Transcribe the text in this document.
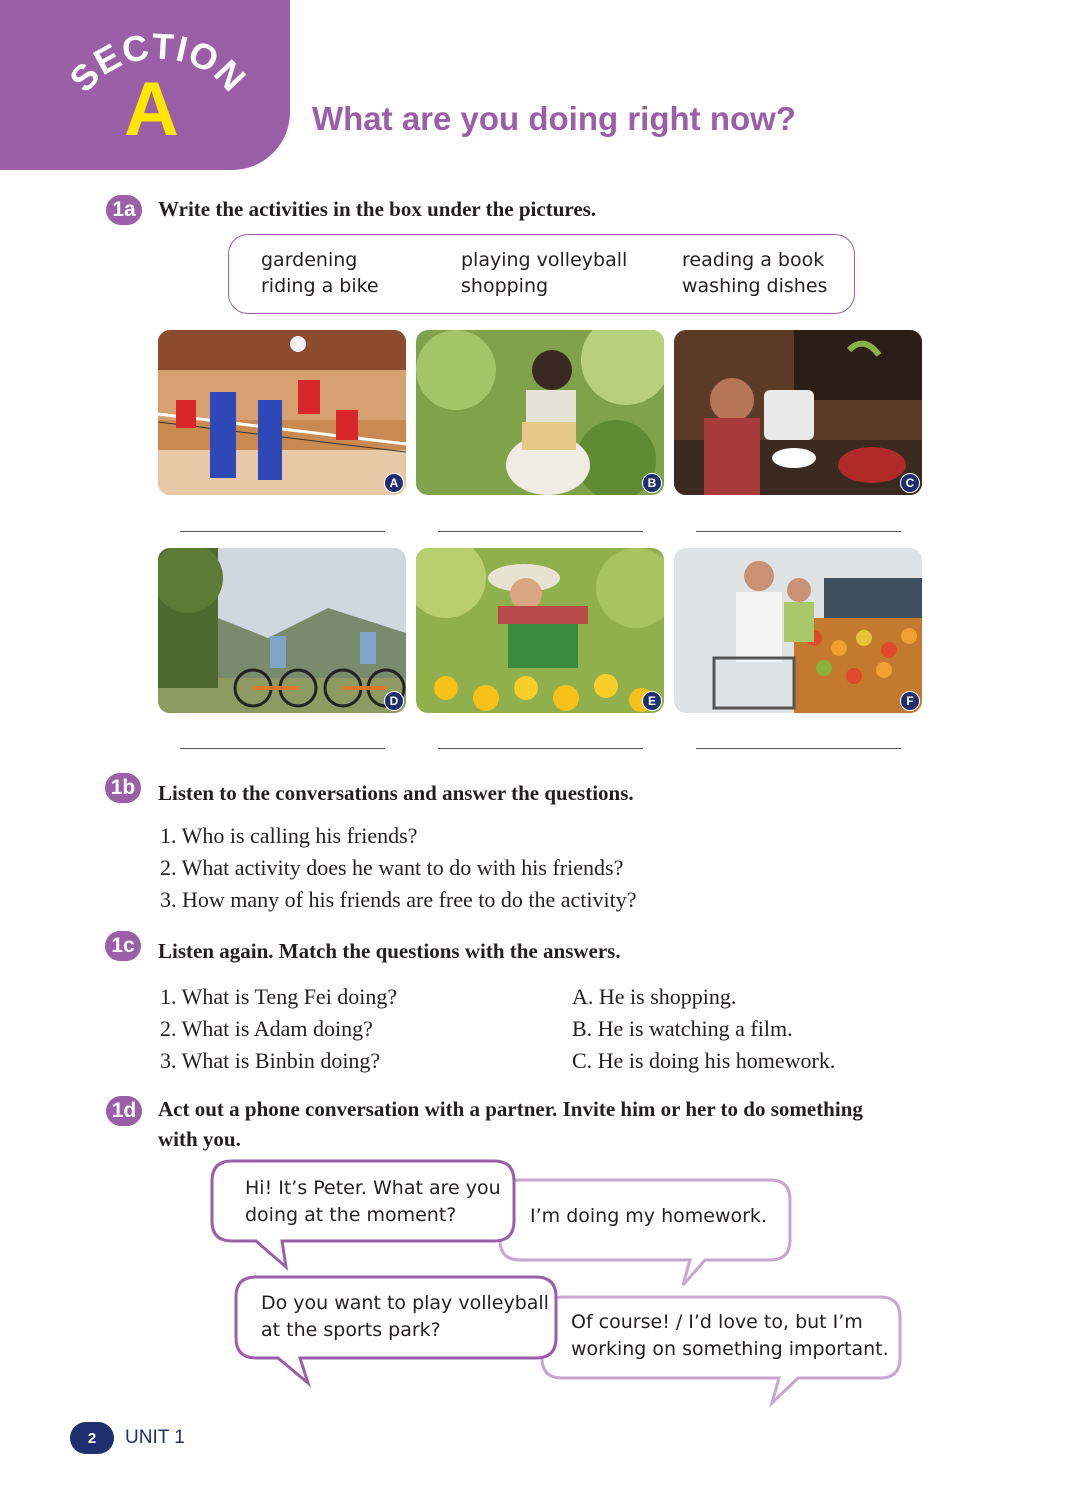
SECTION
A	What are you doing right now?
1a	Write the activities in the box under the pictures.
gardening
riding a bike
playing volleyball
shopping
reading a book
washing dishes
A	B	C
D	E	F
1b Listen to the conversations and answer the questions.
1. Who is calling his friends?
2. What activity does he want to do with his friends?
3. How many of his friends are free to do the activity?
1c	Listen again. Match the questions with the answers.
1. What is Teng Fei doing?
2. What is Adam doing?
3. What is Binbin doing?
A. He is shopping.
B. He is watching a film.
C. He is doing his homework.
1d Act out a phone conversation with a partner. Invite him or her to do something
with you.
Hi! It’s Peter. What are you
doing at the moment?	I’m doing my homework.
Do you want to play volleyball
at the sports park?	Of course! / I’d love to, but I’m
working on something important.
2	UNIT 1
